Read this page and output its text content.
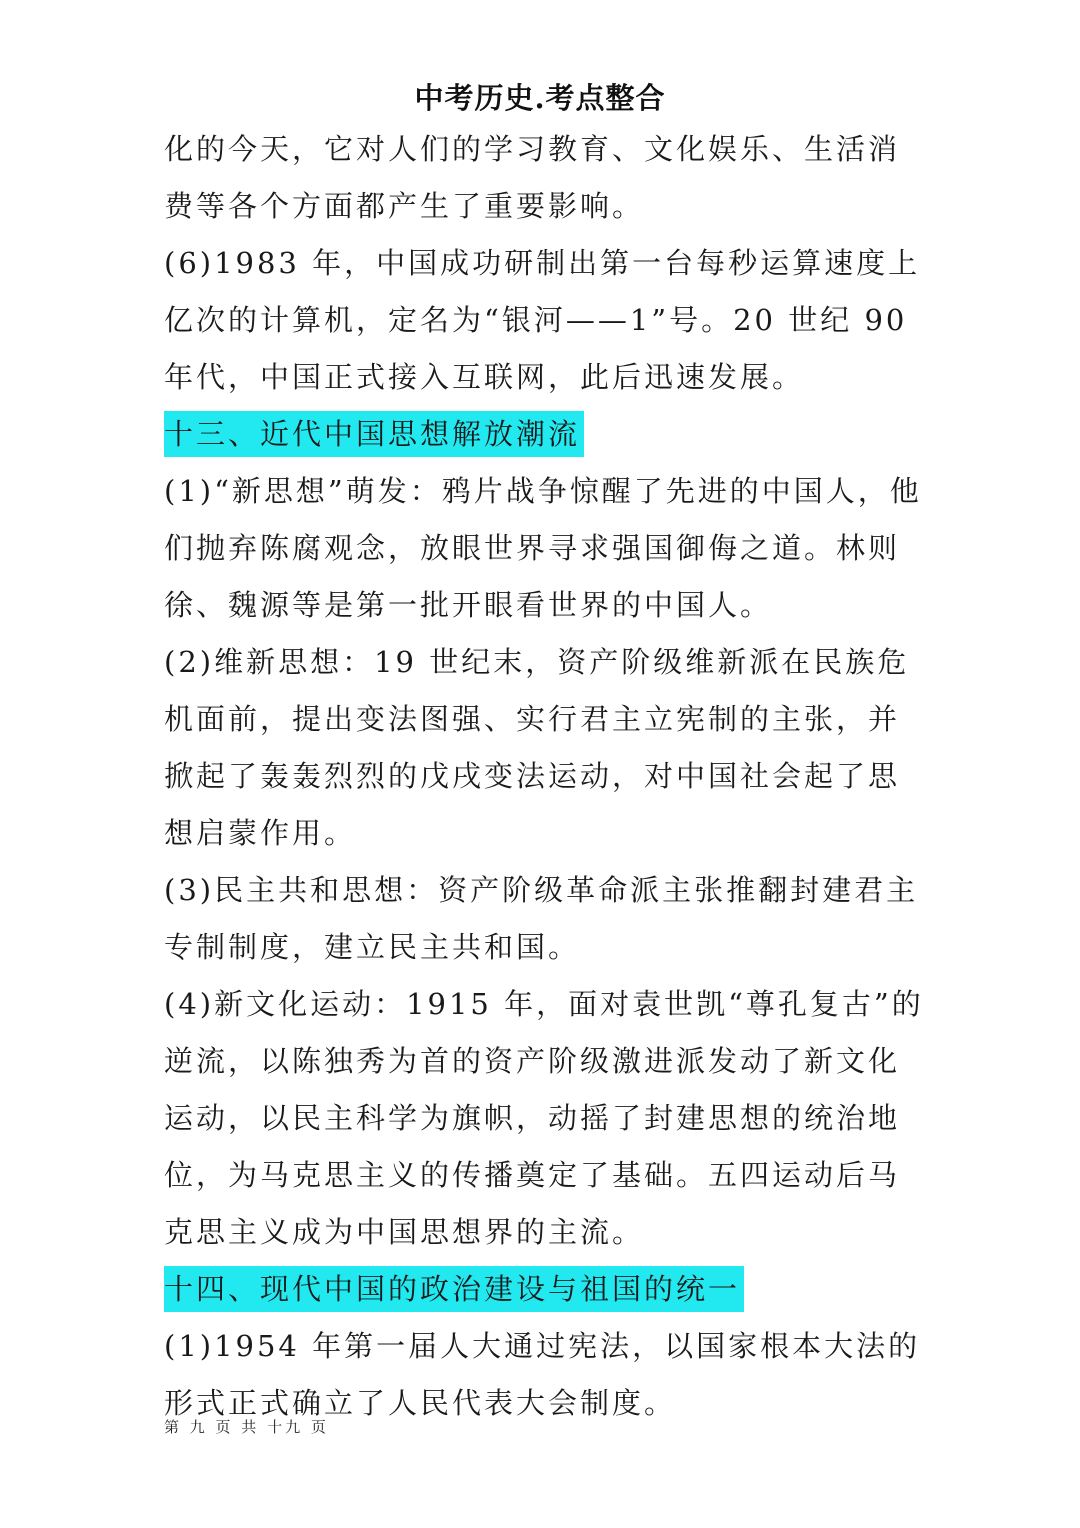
中考历史.考点整合

化的今天，它对人们的学习教育、文化娱乐、生活消费等各个方面都产生了重要影响。

(6)1983 年，中国成功研制出第一台每秒运算速度上亿次的计算机，定名为“银河——1”号。20 世纪 90 年代，中国正式接入互联网，此后迅速发展。

十三、近代中国思想解放潮流

(1)“新思想”萌发：鸦片战争惊醒了先进的中国人，他们抛弃陈腐观念，放眼世界寻求强国御侮之道。林则徐、魏源等是第一批开眼看世界的中国人。

(2)维新思想：19 世纪末，资产阶级维新派在民族危机面前，提出变法图强、实行君主立宪制的主张，并掀起了轰轰烈烈的戊戌变法运动，对中国社会起了思想启蒙作用。

(3)民主共和思想：资产阶级革命派主张推翻封建君主专制制度，建立民主共和国。

(4)新文化运动：1915 年，面对袁世凯“尊孔复古”的逆流，以陈独秀为首的资产阶级激进派发动了新文化运动，以民主科学为旗帜，动摇了封建思想的统治地位，为马克思主义的传播奠定了基础。五四运动后马克思主义成为中国思想界的主流。

十四、现代中国的政治建设与祖国的统一

(1)1954 年第一届人大通过宪法，以国家根本大法的形式正式确立了人民代表大会制度。

第 九 页 共 十九 页
